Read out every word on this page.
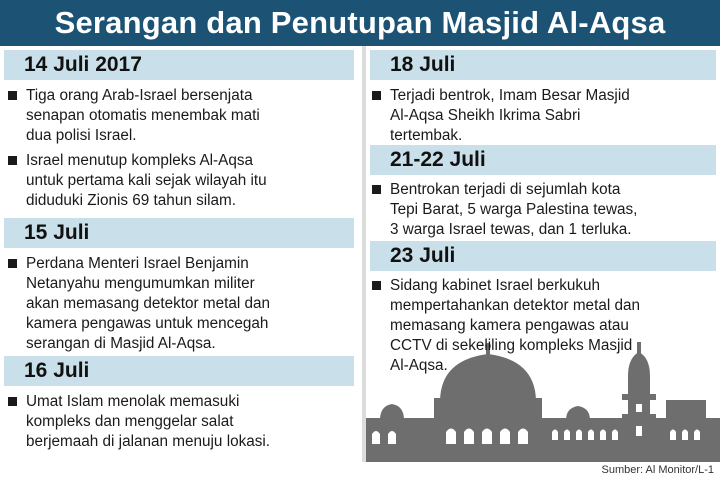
Serangan dan Penutupan Masjid Al-Aqsa
14 Juli 2017
Tiga orang Arab-Israel bersenjata
senapan otomatis menembak mati
dua polisi Israel.
Israel menutup kompleks Al-Aqsa
untuk pertama kali sejak wilayah itu
diduduki Zionis 69 tahun silam.
15 Juli
Perdana Menteri Israel Benjamin
Netanyahu mengumumkan militer
akan memasang detektor metal dan
kamera pengawas untuk mencegah
serangan di Masjid Al-Aqsa.
16 Juli
Umat Islam menolak memasuki
kompleks dan menggelar salat
berjemaah di jalanan menuju lokasi.
18 Juli
Terjadi bentrok, Imam Besar Masjid
Al-Aqsa Sheikh Ikrima Sabri
tertembak.
21-22 Juli
Bentrokan terjadi di sejumlah kota
Tepi Barat, 5 warga Palestina tewas,
3 warga Israel tewas, dan 1 terluka.
23 Juli
Sidang kabinet Israel berkukuh
mempertahankan detektor metal dan
memasang kamera pengawas atau
CCTV di sekeliling kompleks Masjid
Al-Aqsa.
Sumber: Al Monitor/L-1
